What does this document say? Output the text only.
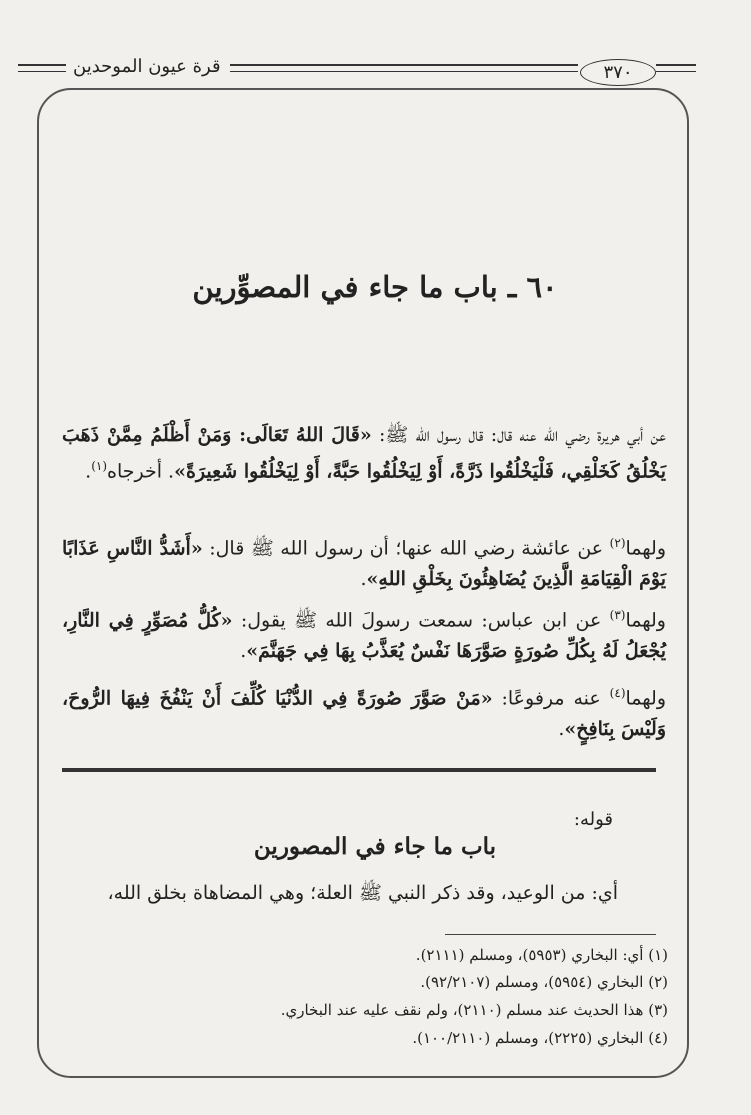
قرة عيون الموحدين	٣٧٠
٦٠ ـ باب ما جاء في المصوِّرين
عن أبي هريرة رضي الله عنه قال: قال رسول الله ﷺ: «قَالَ اللهُ تَعَالَى: وَمَنْ أَظْلَمُ مِمَّنْ ذَهَبَ يَخْلُقُ كَخَلْقِي، فَلْيَخْلُقُوا ذَرَّةً، أَوْ لِيَخْلُقُوا حَبَّةً، أَوْ لِيَخْلُقُوا شَعِيرَةً». أخرجاه$^{(١)}$.
ولهما$^{(٢)}$ عن عائشة رضي الله عنها؛ أن رسول الله ﷺ قال: «أَشَدُّ النَّاسِ عَذَابًا يَوْمَ الْقِيَامَةِ الَّذِينَ يُضَاهِئُونَ بِخَلْقِ اللهِ».
ولهما$^{(٣)}$ عن ابن عباس: سمعت رسولَ الله ﷺ يقول: «كُلُّ مُصَوِّرٍ فِي النَّارِ، يُجْعَلُ لَهُ بِكُلِّ صُورَةٍ صَوَّرَهَا نَفْسٌ يُعَذَّبُ بِهَا فِي جَهَنَّمَ».
ولهما$^{(٤)}$ عنه مرفوعًا: «مَنْ صَوَّرَ صُورَةً فِي الدُّنْيَا كُلِّفَ أَنْ يَنْفُخَ فِيهَا الرُّوحَ، وَلَيْسَ بِنَافِخٍ».
قوله:
باب ما جاء في المصورين
أي: من الوعيد، وقد ذكر النبي ﷺ العلة؛ وهي المضاهاة بخلق الله،
(١) أي: البخاري (٥٩٥٣)، ومسلم (٢١١١).
(٢) البخاري (٥٩٥٤)، ومسلم (٩٢/٢١٠٧).
(٣) هذا الحديث عند مسلم (٢١١٠)، ولم نقف عليه عند البخاري.
(٤) البخاري (٢٢٢٥)، ومسلم (١٠٠/٢١١٠).
